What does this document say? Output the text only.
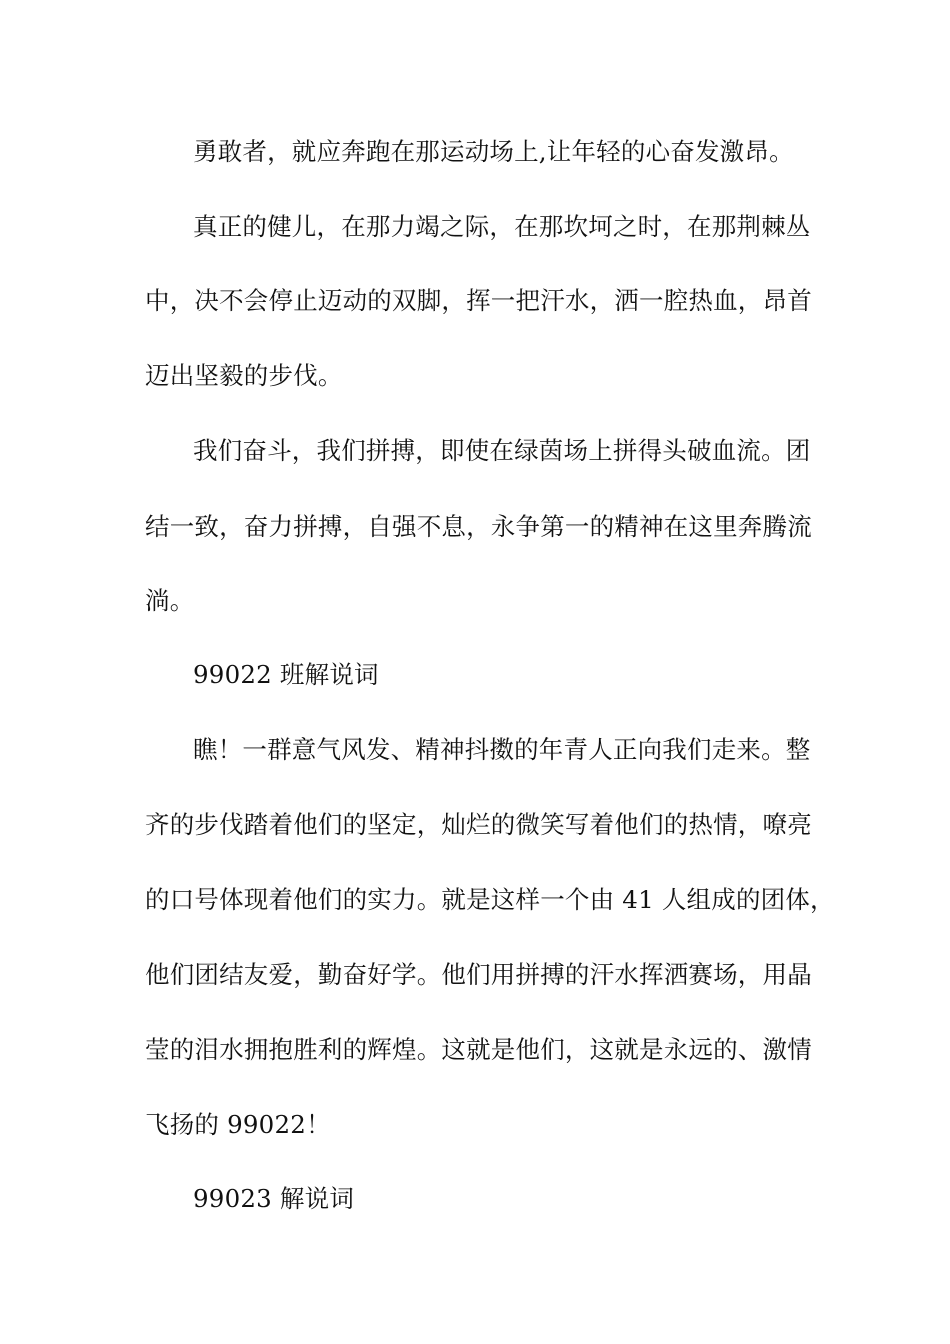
勇敢者，就应奔跑在那运动场上,让年轻的心奋发激昂。
真正的健儿，在那力竭之际，在那坎坷之时，在那荆棘丛
中，决不会停止迈动的双脚，挥一把汗水，洒一腔热血，昂首
迈出坚毅的步伐。
我们奋斗，我们拼搏，即使在绿茵场上拼得头破血流。团
结一致，奋力拼搏，自强不息，永争第一的精神在这里奔腾流
淌。
99022 班解说词
瞧！一群意气风发、精神抖擞的年青人正向我们走来。整
齐的步伐踏着他们的坚定，灿烂的微笑写着他们的热情，嘹亮
的口号体现着他们的实力。就是这样一个由 41 人组成的团体，
他们团结友爱，勤奋好学。他们用拼搏的汗水挥洒赛场，用晶
莹的泪水拥抱胜利的辉煌。这就是他们，这就是永远的、激情
飞扬的 99022！
99023 解说词
